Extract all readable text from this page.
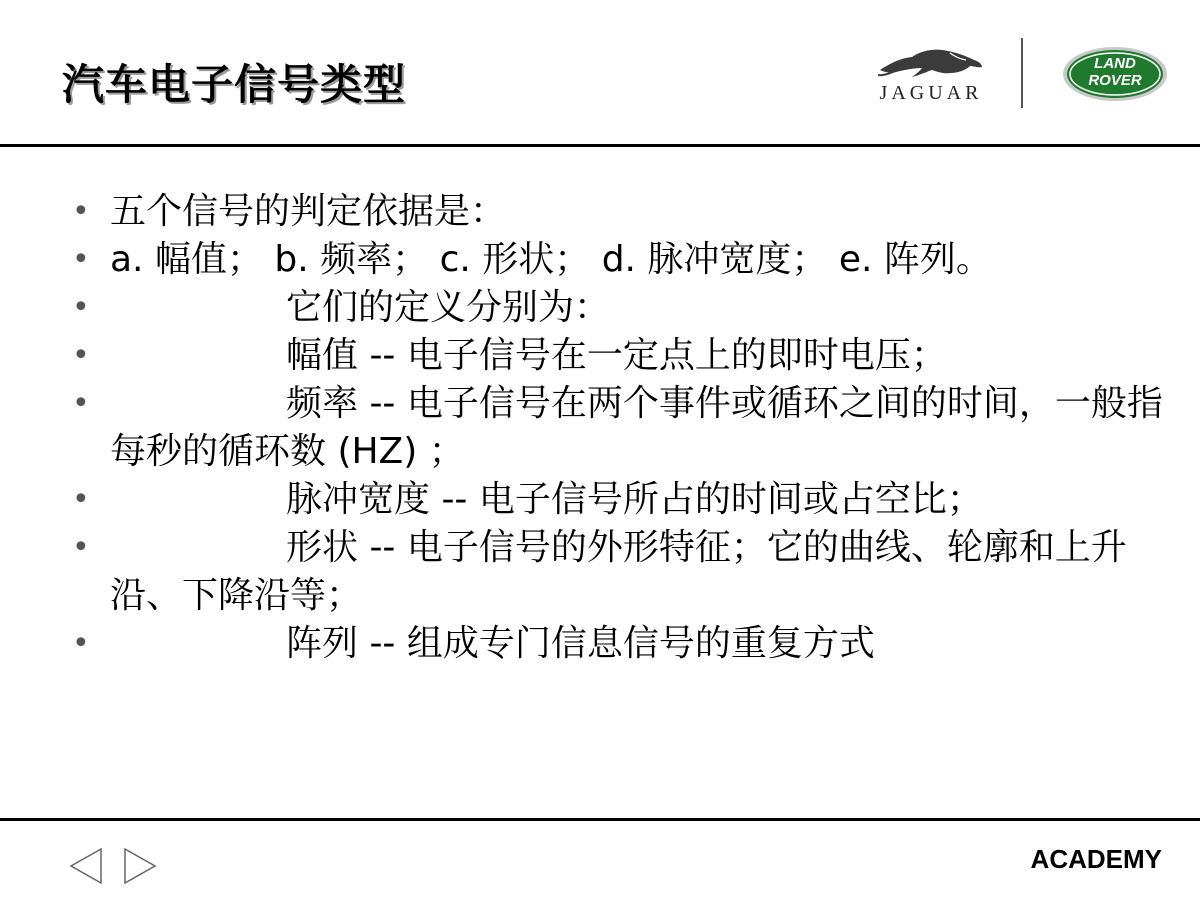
汽车电子信号类型	JAGUAR
LAND
ROVER
• 五个信号的判定依据是：
• a. 幅值； b. 频率； c. 形状； d. 脉冲宽度； e. 阵列。
•	它们的定义分别为：
•	幅值 -- 电子信号在一定点上的即时电压；
•	频率 -- 电子信号在两个事件或循环之间的时间，一般指每秒的循环数 (HZ) ；
•	脉冲宽度 -- 电子信号所占的时间或占空比；
•	形状 -- 电子信号的外形特征；它的曲线、轮廓和上升沿、下降沿等；
•	阵列 -- 组成专门信息信号的重复方式
ACADEMY
